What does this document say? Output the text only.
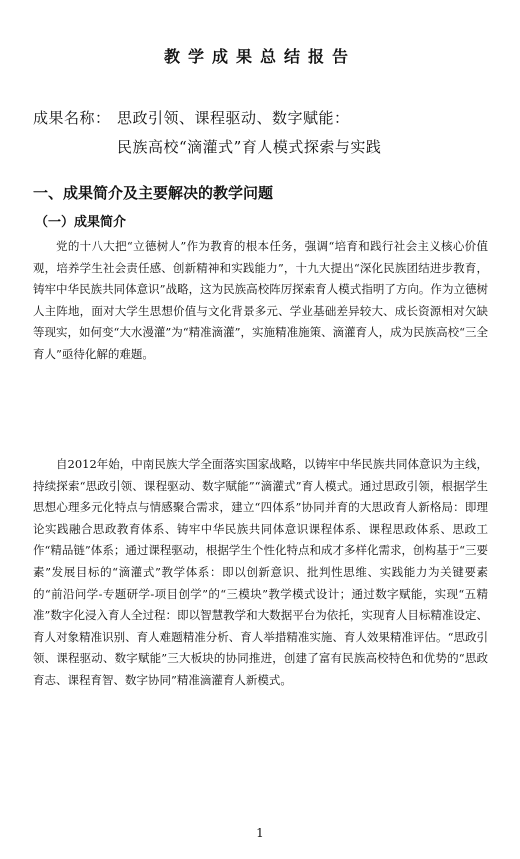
教学成果总结报告
成果名称： 思政引领、课程驱动、数字赋能：
民族高校“滴灌式”育人模式探索与实践
一、成果简介及主要解决的教学问题
（一）成果简介

党的十八大把“立德树人”作为教育的根本任务，强调“培育和践行社会主义核心价值观，培养学生社会责任感、创新精神和实践能力”，十九大提出“深化民族团结进步教育，铸牢中华民族共同体意识”战略，这为民族高校阵厉探索育人模式指明了方向。作为立德树人主阵地，面对大学生思想价值与文化背景多元、学业基础差异较大、成长资源相对欠缺等现实，如何变“大水漫灌”为“精准滴灌”，实施精准施策、滴灌育人，成为民族高校“三全育人”亟待化解的难题。

自2012年始，中南民族大学全面落实国家战略，以铸牢中华民族共同体意识为主线，持续探索“思政引领、课程驱动、数字赋能”“滴灌式”育人模式。通过思政引领，根据学生思想心理多元化特点与情感聚合需求，建立“四体系”协同并育的大思政育人新格局：即理论实践融合思政教育体系、铸牢中华民族共同体意识课程体系、课程思政体系、思政工作“精品链”体系；通过课程驱动，根据学生个性化特点和成才多样化需求，创构基于“三要素”发展目标的“滴灌式”教学体系：即以创新意识、批判性思维、实践能力为关键要素的“前沿问学-专题研学-项目创学”的“三模块”教学模式设计；通过数字赋能，实现“五精准”数字化浸入育人全过程：即以智慧教学和大数据平台为依托，实现育人目标精准设定、育人对象精准识别、育人难题精准分析、育人举措精准实施、育人效果精准评估。“思政引领、课程驱动、数字赋能”三大板块的协同推进，创建了富有民族高校特色和优势的“思政育志、课程育智、数字协同”精准滴灌育人新模式。

1
